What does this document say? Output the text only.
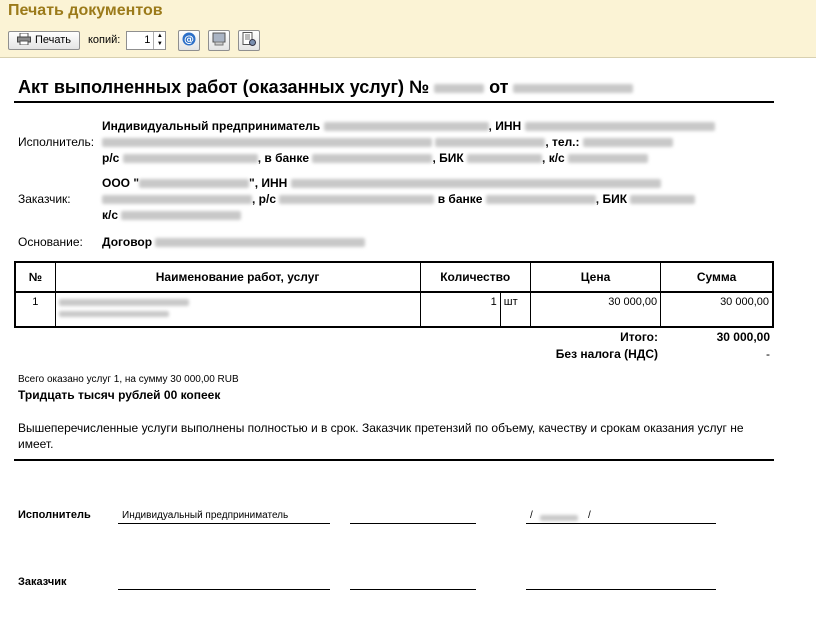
Печать документов
Печать копий:	1	▲
▼ @
Акт выполненных работ (оказанных услуг) №	от
Исполнитель:
Индивидуальный предприниматель	, ИНН
, тел.:
р/с	, в банке	, БИК	, к/с
Заказчик:
ООО "	", ИНН
, р/с	в банке	, БИК
к/с
Основание: Договор
№	Наименование работ, услуг	Количество		Цена	Сумма
1		1	шт	30 000,00	30 000,00
Итого:	30 000,00
Без налога (НДС)	-
Всего оказано услуг 1, на сумму 30 000,00 RUB
Тридцать тысяч рублей 00 копеек
Вышеперечисленные услуги выполнены полностью и в срок. Заказчик претензий по объему, качеству и срокам оказания услуг не имеет.
Исполнитель	Индивидуальный предприниматель	/	/
Заказчик
